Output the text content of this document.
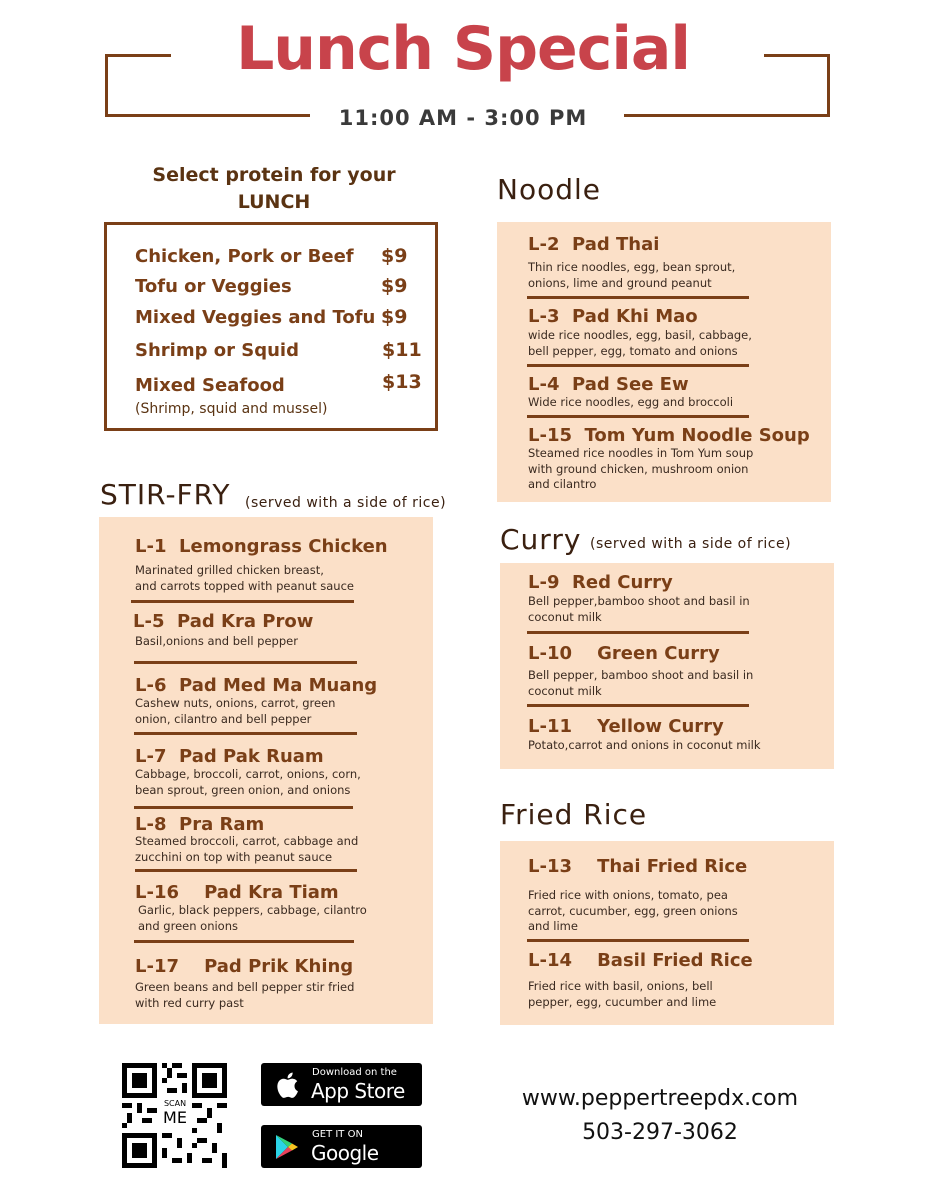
Lunch Special
11:00 AM - 3:00 PM
Select protein for your
LUNCH
Chicken, Pork or Beef $9
Tofu or Veggies	$9
Mixed Veggies and Tofu $9
Shrimp or Squid	$11
Mixed Seafood	$13
(Shrimp, squid and mussel)
STIR-FRY (served with a side of rice)
L-1 Lemongrass Chicken
Marinated grilled chicken breast,
and carrots topped with peanut sauce
L-5 Pad Kra Prow
Basil,onions and bell pepper
L-6 Pad Med Ma Muang
Cashew nuts, onions, carrot, green
onion, cilantro and bell pepper
L-7 Pad Pak Ruam
Cabbage, broccoli, carrot, onions, corn,
bean sprout, green onion, and onions
L-8 Pra Ram
Steamed broccoli, carrot, cabbage and
zucchini on top with peanut sauce
L-16 Pad Kra Tiam
Garlic, black peppers, cabbage, cilantro
and green onions
L-17 Pad Prik Khing
Green beans and bell pepper stir fried
with red curry past
Noodle
L-2 Pad Thai
Thin rice noodles, egg, bean sprout,
onions, lime and ground peanut
L-3 Pad Khi Mao
wide rice noodles, egg, basil, cabbage,
bell pepper, egg, tomato and onions
L-4 Pad See Ew
Wide rice noodles, egg and broccoli
L-15 Tom Yum Noodle Soup
Steamed rice noodles in Tom Yum soup
with ground chicken, mushroom onion
and cilantro
Curry (served with a side of rice)
L-9 Red Curry
Bell pepper,bamboo shoot and basil in
coconut milk
L-10 Green Curry
Bell pepper, bamboo shoot and basil in
coconut milk
L-11 Yellow Curry
Potato,carrot and onions in coconut milk
Fried Rice
L-13 Thai Fried Rice
Fried rice with onions, tomato, pea
carrot, cucumber, egg, green onions
and lime
L-14 Basil Fried Rice
Fried rice with basil, onions, bell
pepper, egg, cucumber and lime
SCAN
ME
Download on the
App Store
GET IT ON
Google Play
www.peppertreepdx.com
503-297-3062
